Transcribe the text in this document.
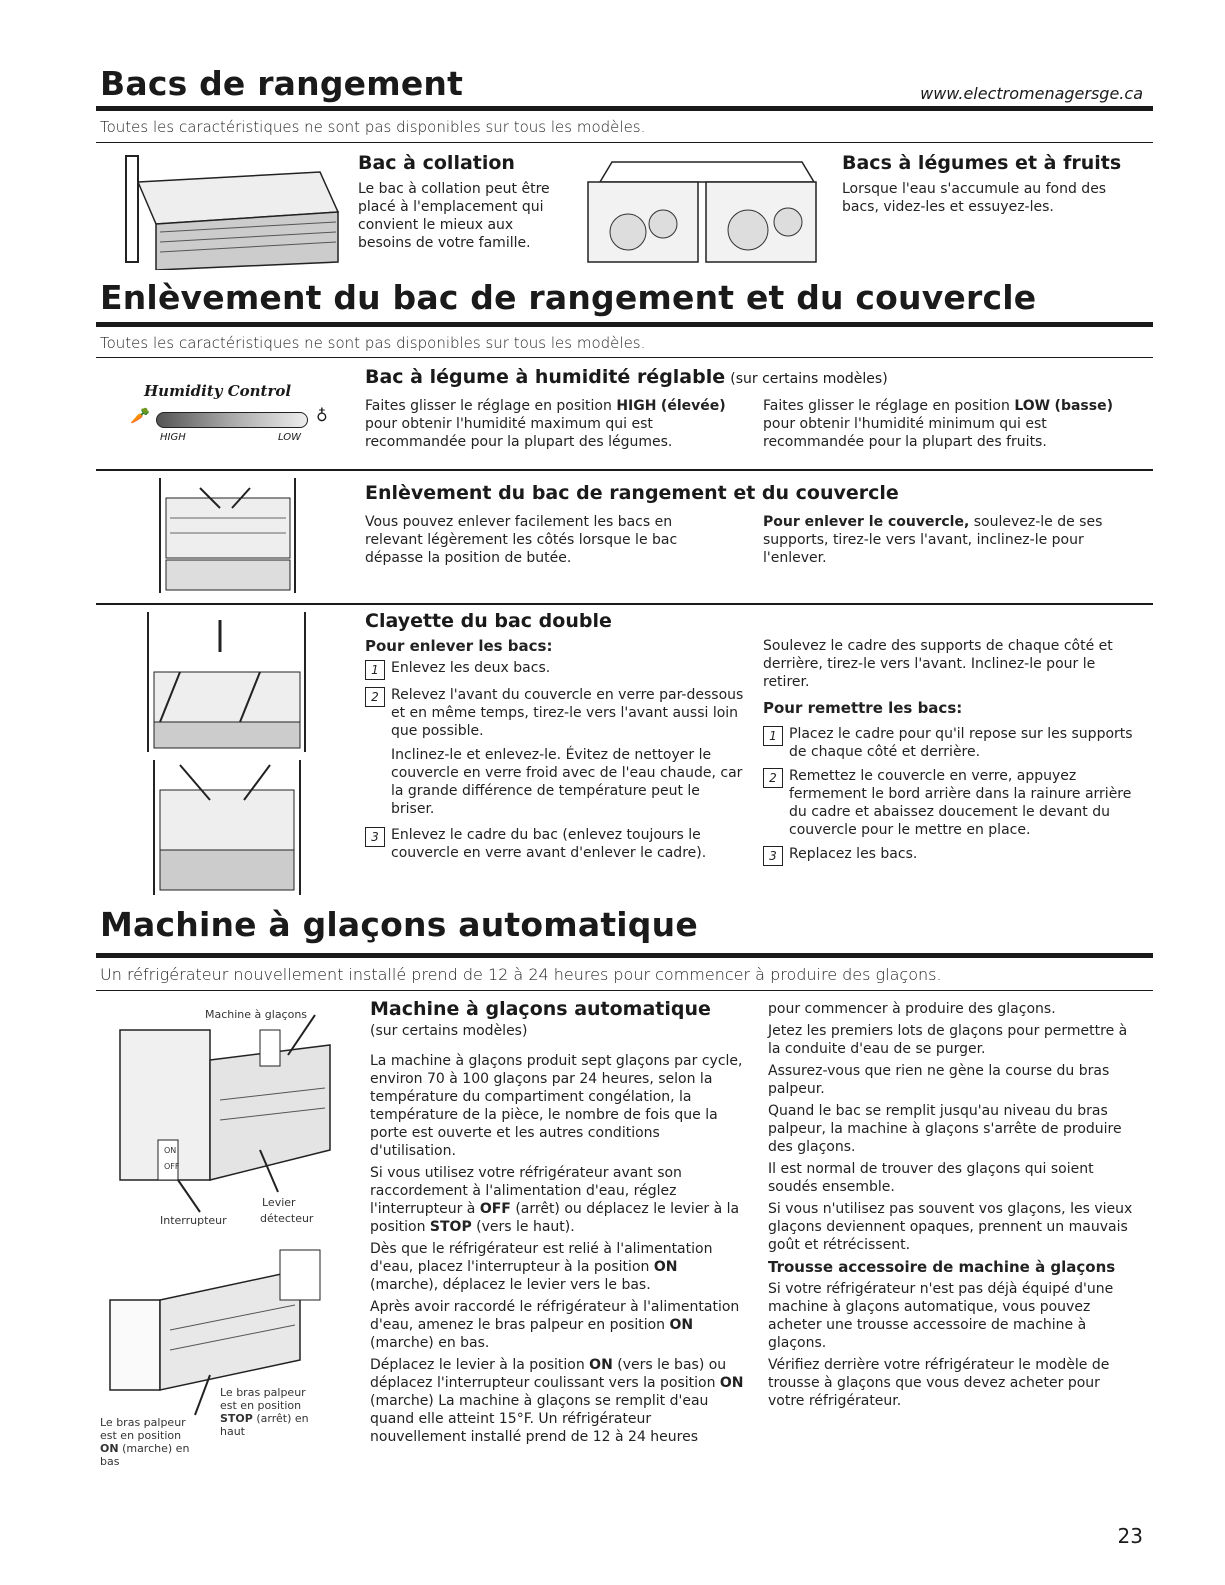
Bacs de rangement	www.electromenagersge.ca
Toutes les caractéristiques ne sont pas disponibles sur tous les modèles.
Bac à collation
Le bac à collation peut être placé à l'emplacement qui convient le mieux aux besoins de votre famille.
Bacs à légumes et à fruits
Lorsque l'eau s'accumule au fond des bacs, videz-les et essuyez-les.
Enlèvement du bac de rangement et du couvercle
Toutes les caractéristiques ne sont pas disponibles sur tous les modèles.
Humidity Control
🥕	♁
HIGH	LOW
Bac à légume à humidité réglable (sur certains modèles)
Faites glisser le réglage en position HIGH (élevée) pour obtenir l'humidité maximum qui est recommandée pour la plupart des légumes.
Faites glisser le réglage en position LOW (basse) pour obtenir l'humidité minimum qui est recommandée pour la plupart des fruits.
Enlèvement du bac de rangement et du couvercle
Vous pouvez enlever facilement les bacs en relevant légèrement les côtés lorsque le bac dépasse la position de butée.
Pour enlever le couvercle, soulevez-le de ses supports, tirez-le vers l'avant, inclinez-le pour l'enlever.
Clayette du bac double

Pour enlever les bacs:

1 Enlevez les deux bacs.
2 Relevez l'avant du couvercle en verre par-dessous et en même temps, tirez-le vers l'avant aussi loin que possible.

Inclinez-le et enlevez-le. Évitez de nettoyer le couvercle en verre froid avec de l'eau chaude, car la grande différence de température peut le briser.

3 Enlevez le cadre du bac (enlevez toujours le couvercle en verre avant d'enlever le cadre).

Soulevez le cadre des supports de chaque côté et derrière, tirez-le vers l'avant. Inclinez-le pour le retirer.

Pour remettre les bacs:

1 Placez le cadre pour qu'il repose sur les supports de chaque côté et derrière.
2 Remettez le couvercle en verre, appuyez fermement le bord arrière dans la rainure arrière du cadre et abaissez doucement le devant du couvercle pour le mettre en place.
3 Replacez les bacs.
Machine à glaçons automatique
Un réfrigérateur nouvellement installé prend de 12 à 24 heures pour commencer à produire des glaçons.
Machine à glaçons
ON
OFF
Levier
détecteur
Interrupteur
Le bras palpeur est en position ON (marche) en bas
Le bras palpeur est en position STOP (arrêt) en haut
Machine à glaçons automatique
(sur certains modèles)

La machine à glaçons produit sept glaçons par cycle, environ 70 à 100 glaçons par 24 heures, selon la température du compartiment congélation, la température de la pièce, le nombre de fois que la porte est ouverte et les autres conditions d'utilisation.

Si vous utilisez votre réfrigérateur avant son raccordement à l'alimentation d'eau, réglez l'interrupteur à OFF (arrêt) ou déplacez le levier à la position STOP (vers le haut).

Dès que le réfrigérateur est relié à l'alimentation d'eau, placez l'interrupteur à la position ON (marche), déplacez le levier vers le bas.

Après avoir raccordé le réfrigérateur à l'alimentation d'eau, amenez le bras palpeur en position ON (marche) en bas.

Déplacez le levier à la position ON (vers le bas) ou déplacez l'interrupteur coulissant vers la position ON (marche) La machine à glaçons se remplit d'eau quand elle atteint 15°F. Un réfrigérateur nouvellement installé prend de 12 à 24 heures

pour commencer à produire des glaçons.

Jetez les premiers lots de glaçons pour permettre à la conduite d'eau de se purger.

Assurez-vous que rien ne gène la course du bras palpeur.

Quand le bac se remplit jusqu'au niveau du bras palpeur, la machine à glaçons s'arrête de produire des glaçons.

Il est normal de trouver des glaçons qui soient soudés ensemble.

Si vous n'utilisez pas souvent vos glaçons, les vieux glaçons deviennent opaques, prennent un mauvais goût et rétrécissent.

Trousse accessoire de machine à glaçons

Si votre réfrigérateur n'est pas déjà équipé d'une machine à glaçons automatique, vous pouvez acheter une trousse accessoire de machine à glaçons.

Vérifiez derrière votre réfrigérateur le modèle de trousse à glaçons que vous devez acheter pour votre réfrigérateur.

23
